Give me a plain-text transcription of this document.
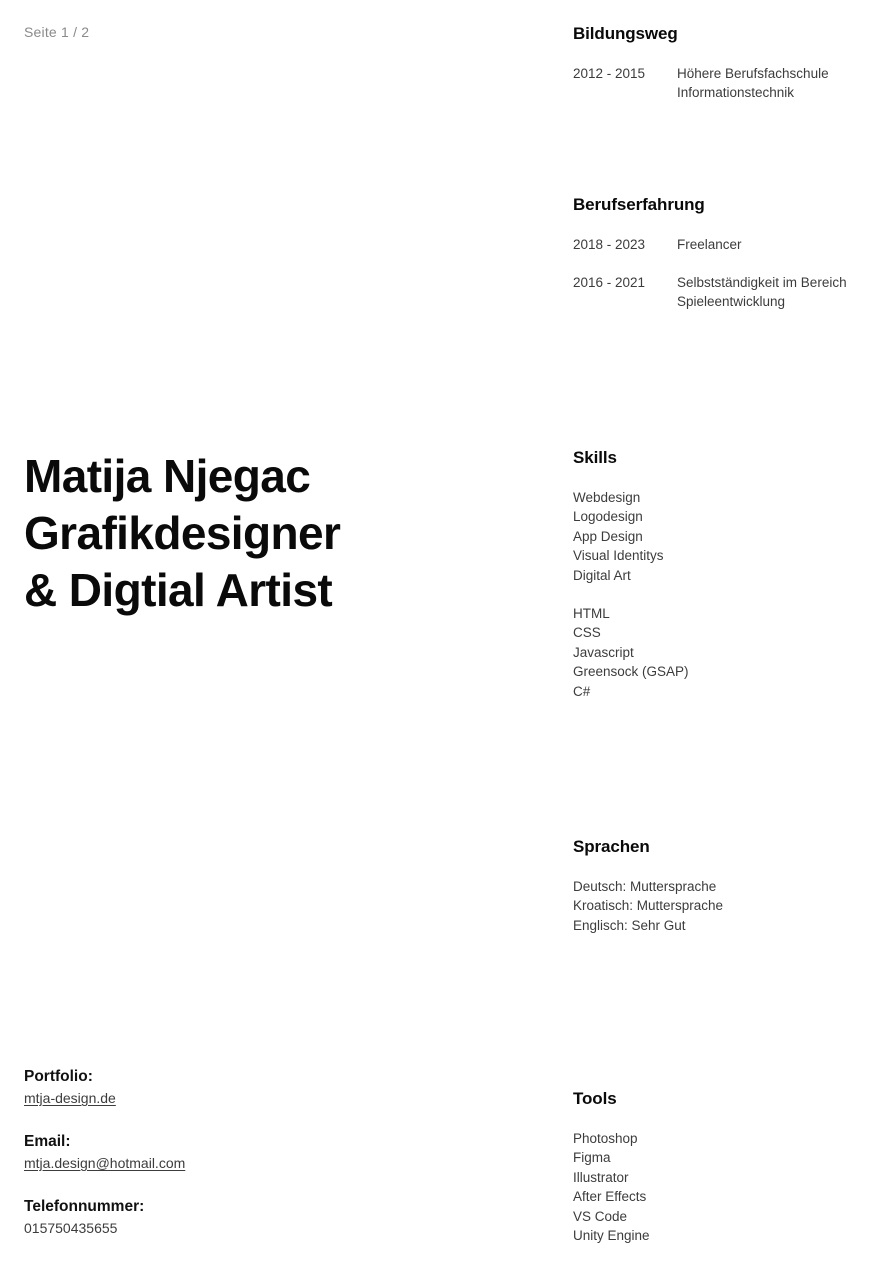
Seite 1 / 2
Matija Njegac
Grafikdesigner
& Digtial Artist
Portfolio:
mtja-design.de
Email:
mtja.design@hotmail.com
Telefonnummer:
015750435655
Bildungsweg
2012 - 2015	Höhere Berufsfachschule Informationstechnik
Berufserfahrung
2018 - 2023	Freelancer
2016 - 2021	Selbstständigkeit im Bereich Spieleentwicklung
Skills
Webdesign
Logodesign
App Design
Visual Identitys
Digital Art
HTML
CSS
Javascript
Greensock (GSAP)
C#
Sprachen
Deutsch: Muttersprache
Kroatisch: Muttersprache
Englisch: Sehr Gut
Tools
Photoshop
Figma
Illustrator
After Effects
VS Code
Unity Engine
